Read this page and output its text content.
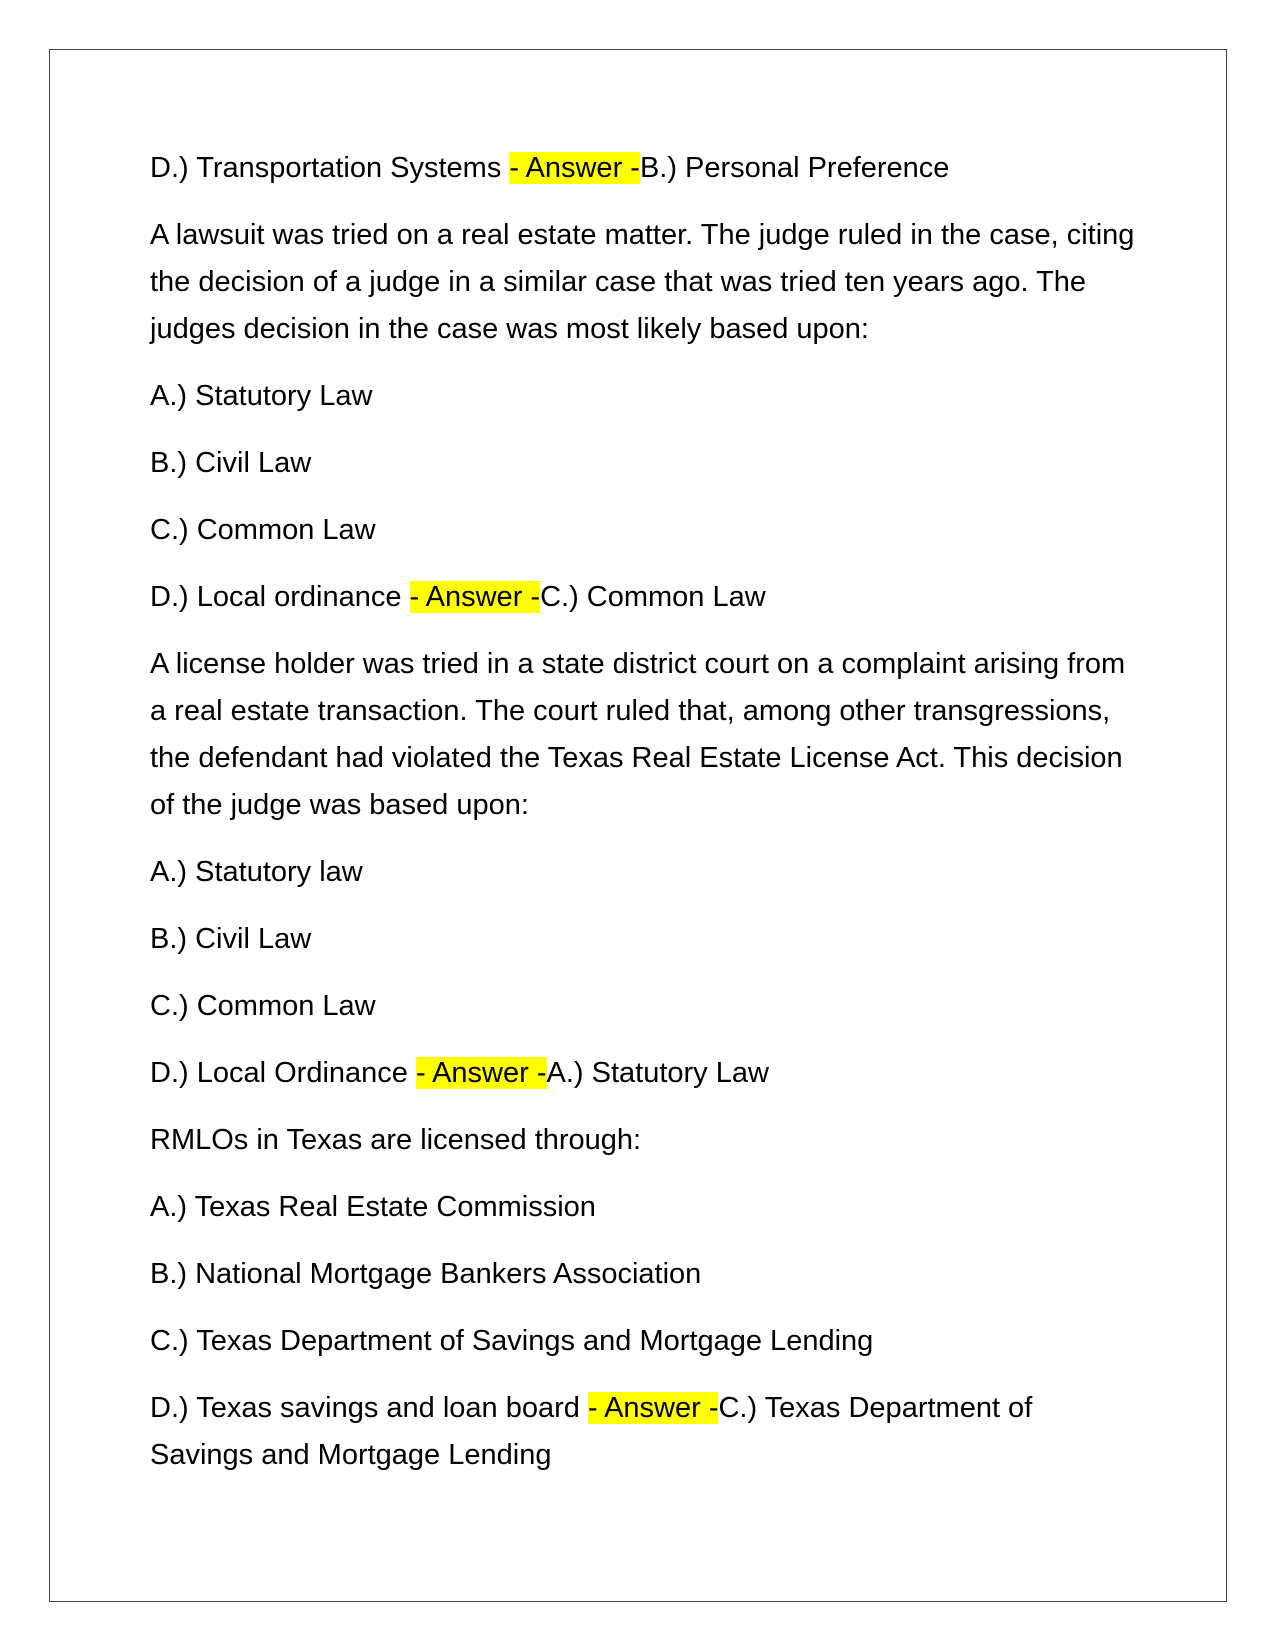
D.) Transportation Systems - Answer -B.) Personal Preference

A lawsuit was tried on a real estate matter. The judge ruled in the case, citing the decision of a judge in a similar case that was tried ten years ago. The judges decision in the case was most likely based upon:

A.) Statutory Law

B.) Civil Law

C.) Common Law

D.) Local ordinance - Answer -C.) Common Law

A license holder was tried in a state district court on a complaint arising from a real estate transaction. The court ruled that, among other transgressions, the defendant had violated the Texas Real Estate License Act. This decision of the judge was based upon:

A.) Statutory law

B.) Civil Law

C.) Common Law

D.) Local Ordinance - Answer -A.) Statutory Law

RMLOs in Texas are licensed through:

A.) Texas Real Estate Commission

B.) National Mortgage Bankers Association

C.) Texas Department of Savings and Mortgage Lending

D.) Texas savings and loan board - Answer -C.) Texas Department of Savings and Mortgage Lending
